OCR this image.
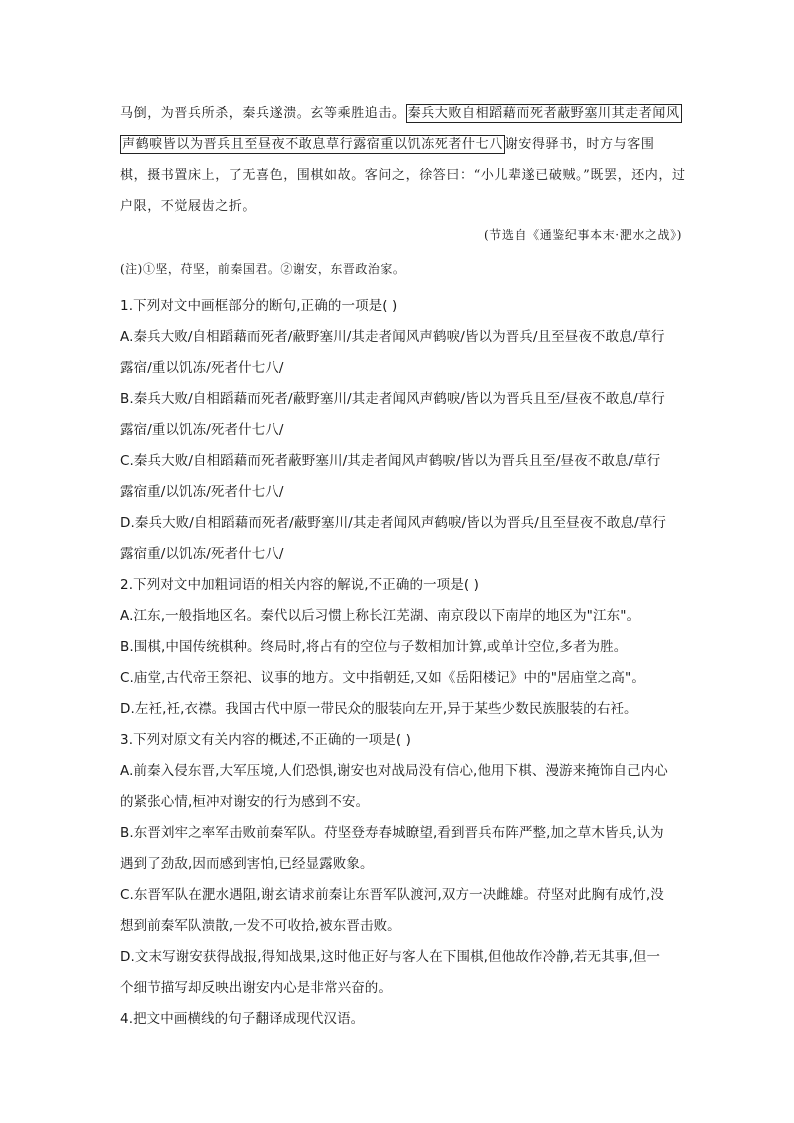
马倒，为晋兵所杀，秦兵遂溃。玄等乘胜追击。 秦兵大败自相蹈藉而死者蔽野塞川其走者闻风
声鹤唳皆以为晋兵且至昼夜不敢息草行露宿重以饥冻死者什七八 谢安得驿书，时方与客围
棋，摄书置床上，了无喜色，围棋如故。客问之，徐答曰：“小儿辈遂已破贼。”既罢，还内，过
户限，不觉屐齿之折。
(节选自《通鉴纪事本末·淝水之战》)
(注)①坚，苻坚，前秦国君。②谢安，东晋政治家。
1.下列对文中画框部分的断句,正确的一项是( )
A.秦兵大败/自相蹈藉而死者/蔽野塞川/其走者闻风声鹤唳/皆以为晋兵/且至昼夜不敢息/草行
露宿/重以饥冻/死者什七八/
B.秦兵大败/自相蹈藉而死者/蔽野塞川/其走者闻风声鹤唳/皆以为晋兵且至/昼夜不敢息/草行
露宿/重以饥冻/死者什七八/
C.秦兵大败/自相蹈藉而死者蔽野塞川/其走者闻风声鹤唳/皆以为晋兵且至/昼夜不敢息/草行
露宿重/以饥冻/死者什七八/
D.秦兵大败/自相蹈藉而死者/蔽野塞川/其走者闻风声鹤唳/皆以为晋兵/且至昼夜不敢息/草行
露宿重/以饥冻/死者什七八/
2.下列对文中加粗词语的相关内容的解说,不正确的一项是( )
A.江东,一般指地区名。秦代以后习惯上称长江芜湖、南京段以下南岸的地区为"江东"。
B.围棋,中国传统棋种。终局时,将占有的空位与子数相加计算,或单计空位,多者为胜。
C.庙堂,古代帝王祭祀、议事的地方。文中指朝廷,又如《岳阳楼记》中的"居庙堂之高"。
D.左衽,衽,衣襟。我国古代中原一带民众的服装向左开,异于某些少数民族服装的右衽。
3.下列对原文有关内容的概述,不正确的一项是( )
A.前秦入侵东晋,大军压境,人们恐惧,谢安也对战局没有信心,他用下棋、漫游来掩饰自己内心
的紧张心情,桓冲对谢安的行为感到不安。
B.东晋刘牢之率军击败前秦军队。苻坚登寿春城瞭望,看到晋兵布阵严整,加之草木皆兵,认为
遇到了劲敌,因而感到害怕,已经显露败象。
C.东晋军队在淝水遇阻,谢玄请求前秦让东晋军队渡河,双方一决雌雄。苻坚对此胸有成竹,没
想到前秦军队溃散,一发不可收拾,被东晋击败。
D.文末写谢安获得战报,得知战果,这时他正好与客人在下围棋,但他故作冷静,若无其事,但一
个细节描写却反映出谢安内心是非常兴奋的。
4.把文中画横线的句子翻译成现代汉语。
